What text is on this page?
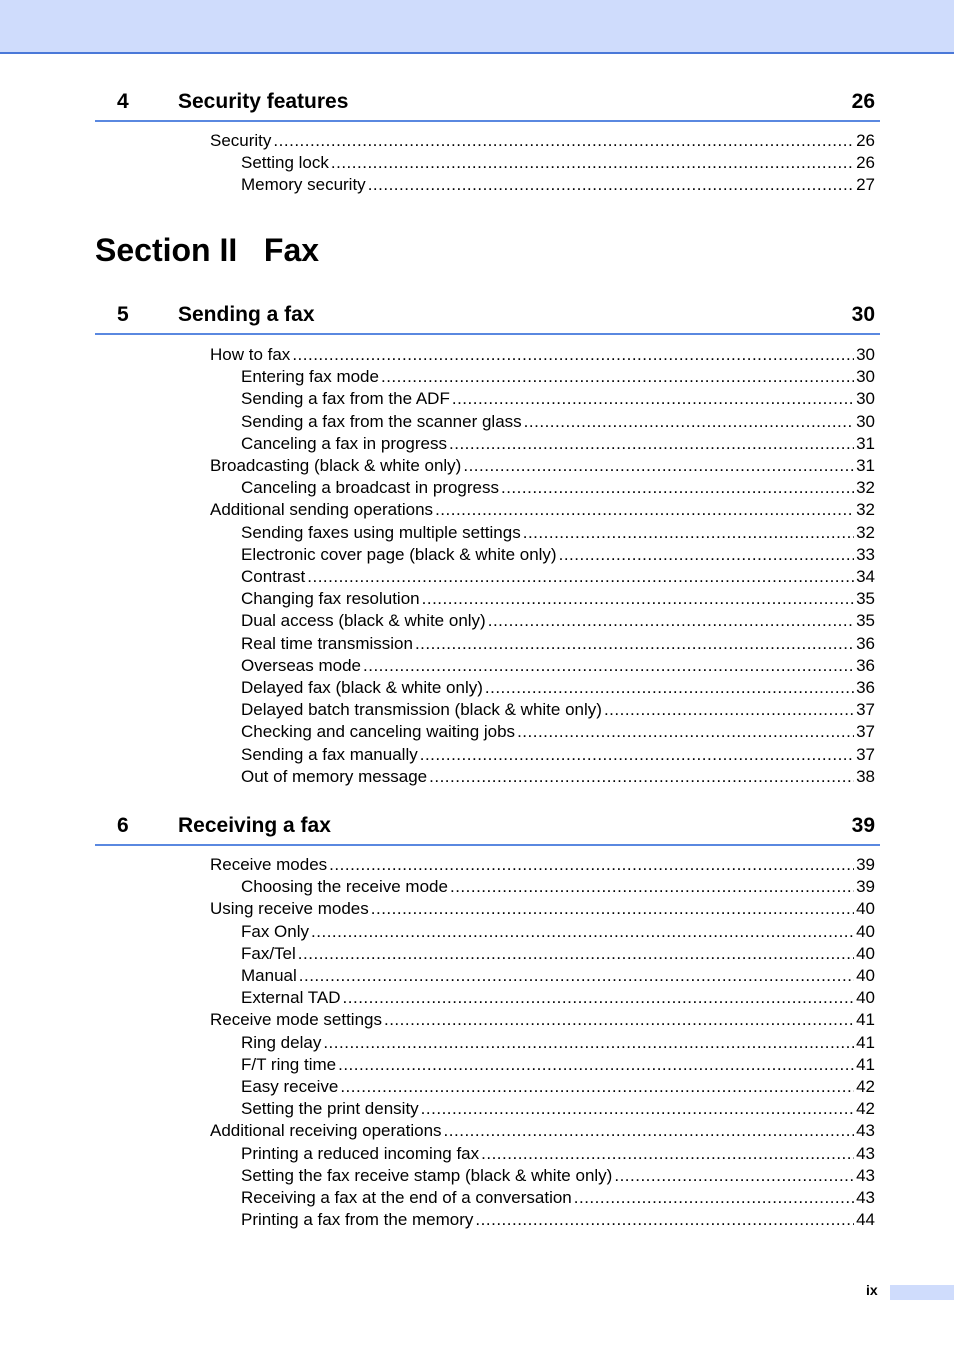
4 Security features	26
Security .....	26
Setting lock .....	26
Memory security .....	27
Section II Fax
5 Sending a fax	30
How to fax .....	30
Entering fax mode .....	30
Sending a fax from the ADF .....	30
Sending a fax from the scanner glass .....	30
Canceling a fax in progress .....	31
Broadcasting (black & white only) .....	31
Canceling a broadcast in progress .....	32
Additional sending operations .....	32
Sending faxes using multiple settings .....	32
Electronic cover page (black & white only) .....	33
Contrast .....	34
Changing fax resolution .....	35
Dual access (black & white only) .....	35
Real time transmission .....	36
Overseas mode .....	36
Delayed fax (black & white only) .....	36
Delayed batch transmission (black & white only) .....	37
Checking and canceling waiting jobs .....	37
Sending a fax manually .....	37
Out of memory message .....	38
6 Receiving a fax	39
Receive modes .....	39
Choosing the receive mode .....	39
Using receive modes .....	40
Fax Only .....	40
Fax/Tel .....	40
Manual .....	40
External TAD .....	40
Receive mode settings .....	41
Ring delay .....	41
F/T ring time .....	41
Easy receive .....	42
Setting the print density .....	42
Additional receiving operations .....	43
Printing a reduced incoming fax .....	43
Setting the fax receive stamp (black & white only) .....	43
Receiving a fax at the end of a conversation .....	43
Printing a fax from the memory .....	44
ix
